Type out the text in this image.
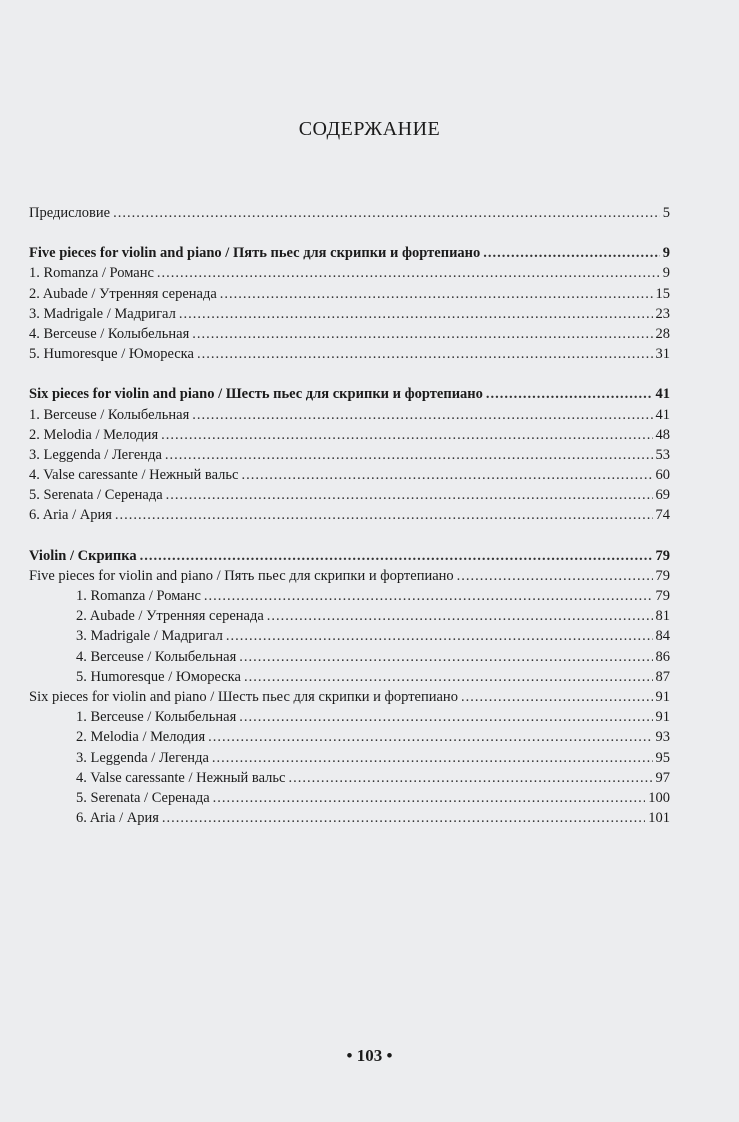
СОДЕРЖАНИЕ
Предисловие .....	5
Five pieces for violin and piano / Пять пьес для скрипки и фортепиано .....	9
1. Romanza / Романс .....	9
2. Aubade / Утренняя серенада .....	15
3. Madrigale / Мадригал .....	23
4. Berceuse / Колыбельная .....	28
5. Humoresque / Юмореска .....	31
Six pieces for violin and piano / Шесть пьес для скрипки и фортепиано .....	41
1. Berceuse / Колыбельная .....	41
2. Melodia / Мелодия .....	48
3. Leggenda / Легенда .....	53
4. Valse caressante / Нежный вальс .....	60
5. Serenata / Серенада .....	69
6. Aria / Ария .....	74
Violin / Скрипка .....	79
Five pieces for violin and piano / Пять пьес для скрипки и фортепиано .....	79
1. Romanza / Романс .....	79
2. Aubade / Утренняя серенада .....	81
3. Madrigale / Мадригал .....	84
4. Berceuse / Колыбельная .....	86
5. Humoresque / Юмореска .....	87
Six pieces for violin and piano / Шесть пьес для скрипки и фортепиано .....	91
1. Berceuse / Колыбельная .....	91
2. Melodia / Мелодия .....	93
3. Leggenda / Легенда .....	95
4. Valse caressante / Нежный вальс .....	97
5. Serenata / Серенада .....	100
6. Aria / Ария .....	101
• 103 •
